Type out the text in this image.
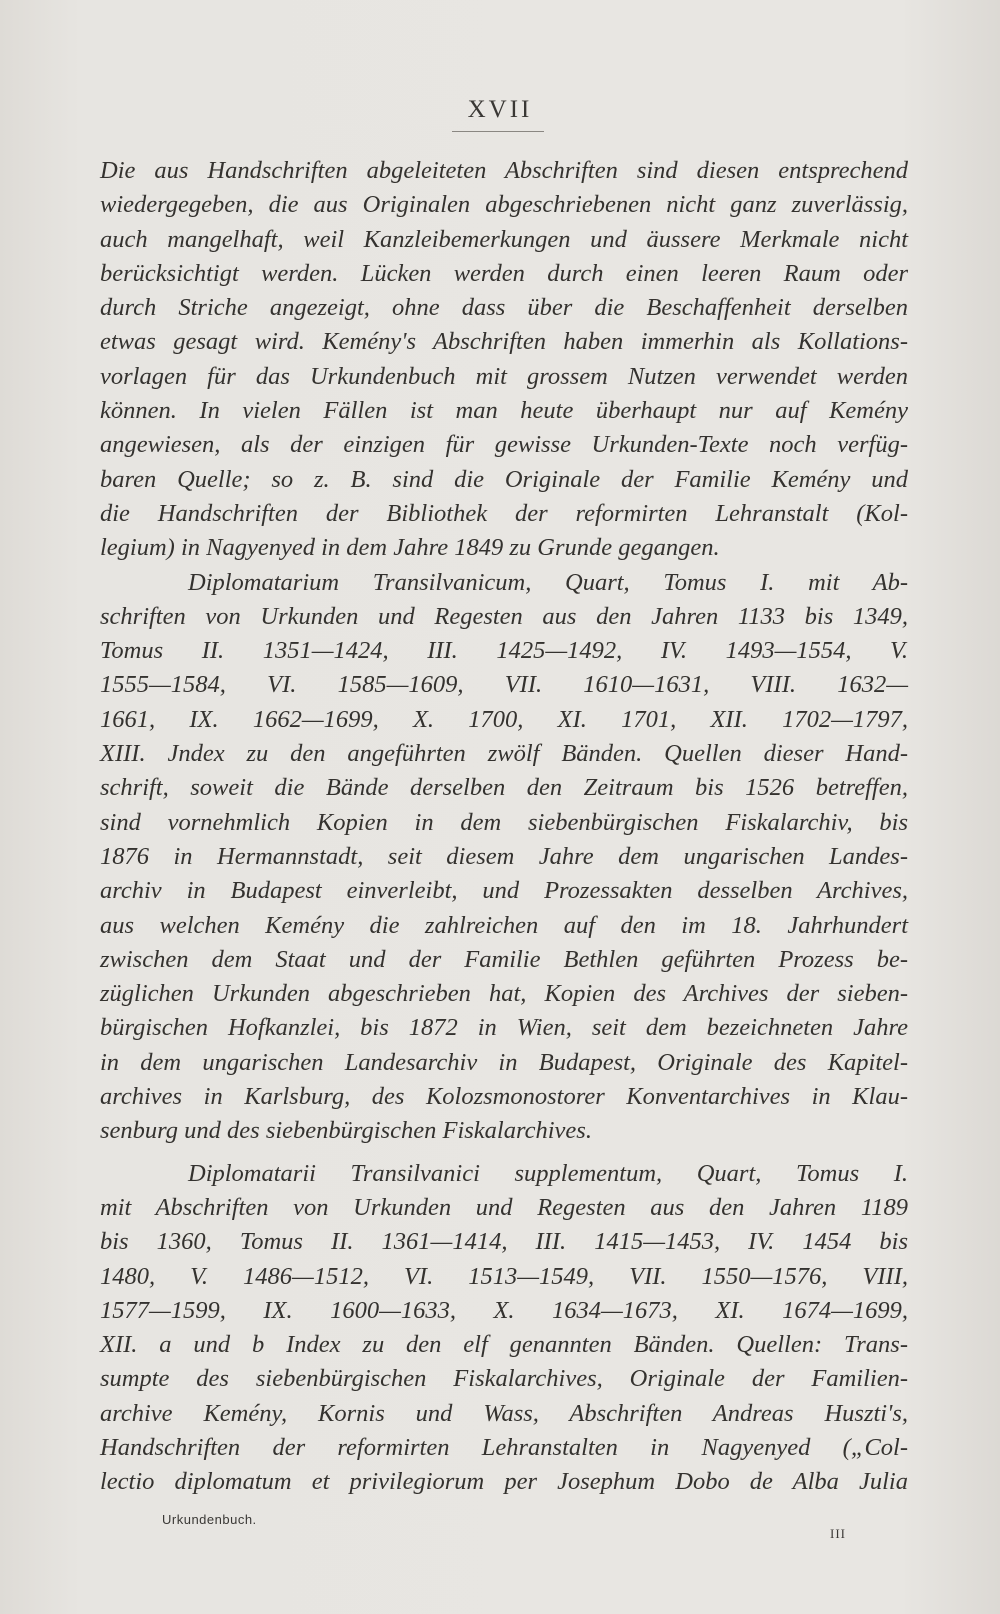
XVII
Die aus Handschriften abgeleiteten Abschriften sind diesen entsprechend
wiedergegeben, die aus Originalen abgeschriebenen nicht ganz zuverlässig,
auch mangelhaft, weil Kanzleibemerkungen und äussere Merkmale nicht
berücksichtigt werden. Lücken werden durch einen leeren Raum oder
durch Striche angezeigt, ohne dass über die Beschaffenheit derselben
etwas gesagt wird. Kemény's Abschriften haben immerhin als Kollations-
vorlagen für das Urkundenbuch mit grossem Nutzen verwendet werden
können. In vielen Fällen ist man heute überhaupt nur auf Kemény
angewiesen, als der einzigen für gewisse Urkunden-Texte noch verfüg-
baren Quelle; so z. B. sind die Originale der Familie Kemény und
die Handschriften der Bibliothek der reformirten Lehranstalt (Kol-
legium) in Nagyenyed in dem Jahre 1849 zu Grunde gegangen.
Diplomatarium Transilvanicum, Quart, Tomus I. mit Ab-
schriften von Urkunden und Regesten aus den Jahren 1133 bis 1349,
Tomus II. 1351—1424, III. 1425—1492, IV. 1493—1554, V.
1555—1584, VI. 1585—1609, VII. 1610—1631, VIII. 1632—
1661, IX. 1662—1699, X. 1700, XI. 1701, XII. 1702—1797,
XIII. Jndex zu den angeführten zwölf Bänden. Quellen dieser Hand-
schrift, soweit die Bände derselben den Zeitraum bis 1526 betreffen,
sind vornehmlich Kopien in dem siebenbürgischen Fiskalarchiv, bis
1876 in Hermannstadt, seit diesem Jahre dem ungarischen Landes-
archiv in Budapest einverleibt, und Prozessakten desselben Archives,
aus welchen Kemény die zahlreichen auf den im 18. Jahrhundert
zwischen dem Staat und der Familie Bethlen geführten Prozess be-
züglichen Urkunden abgeschrieben hat, Kopien des Archives der sieben-
bürgischen Hofkanzlei, bis 1872 in Wien, seit dem bezeichneten Jahre
in dem ungarischen Landesarchiv in Budapest, Originale des Kapitel-
archives in Karlsburg, des Kolozsmonostorer Konventarchives in Klau-
senburg und des siebenbürgischen Fiskalarchives.
Diplomatarii Transilvanici supplementum, Quart, Tomus I.
mit Abschriften von Urkunden und Regesten aus den Jahren 1189
bis 1360, Tomus II. 1361—1414, III. 1415—1453, IV. 1454 bis
1480, V. 1486—1512, VI. 1513—1549, VII. 1550—1576, VIII,
1577—1599, IX. 1600—1633, X. 1634—1673, XI. 1674—1699,
XII. a und b Index zu den elf genannten Bänden. Quellen: Trans-
sumpte des siebenbürgischen Fiskalarchives, Originale der Familien-
archive Kemény, Kornis und Wass, Abschriften Andreas Huszti's,
Handschriften der reformirten Lehranstalten in Nagyenyed („Col-
lectio diplomatum et privilegiorum per Josephum Dobo de Alba Julia
Urkundenbuch.
III
